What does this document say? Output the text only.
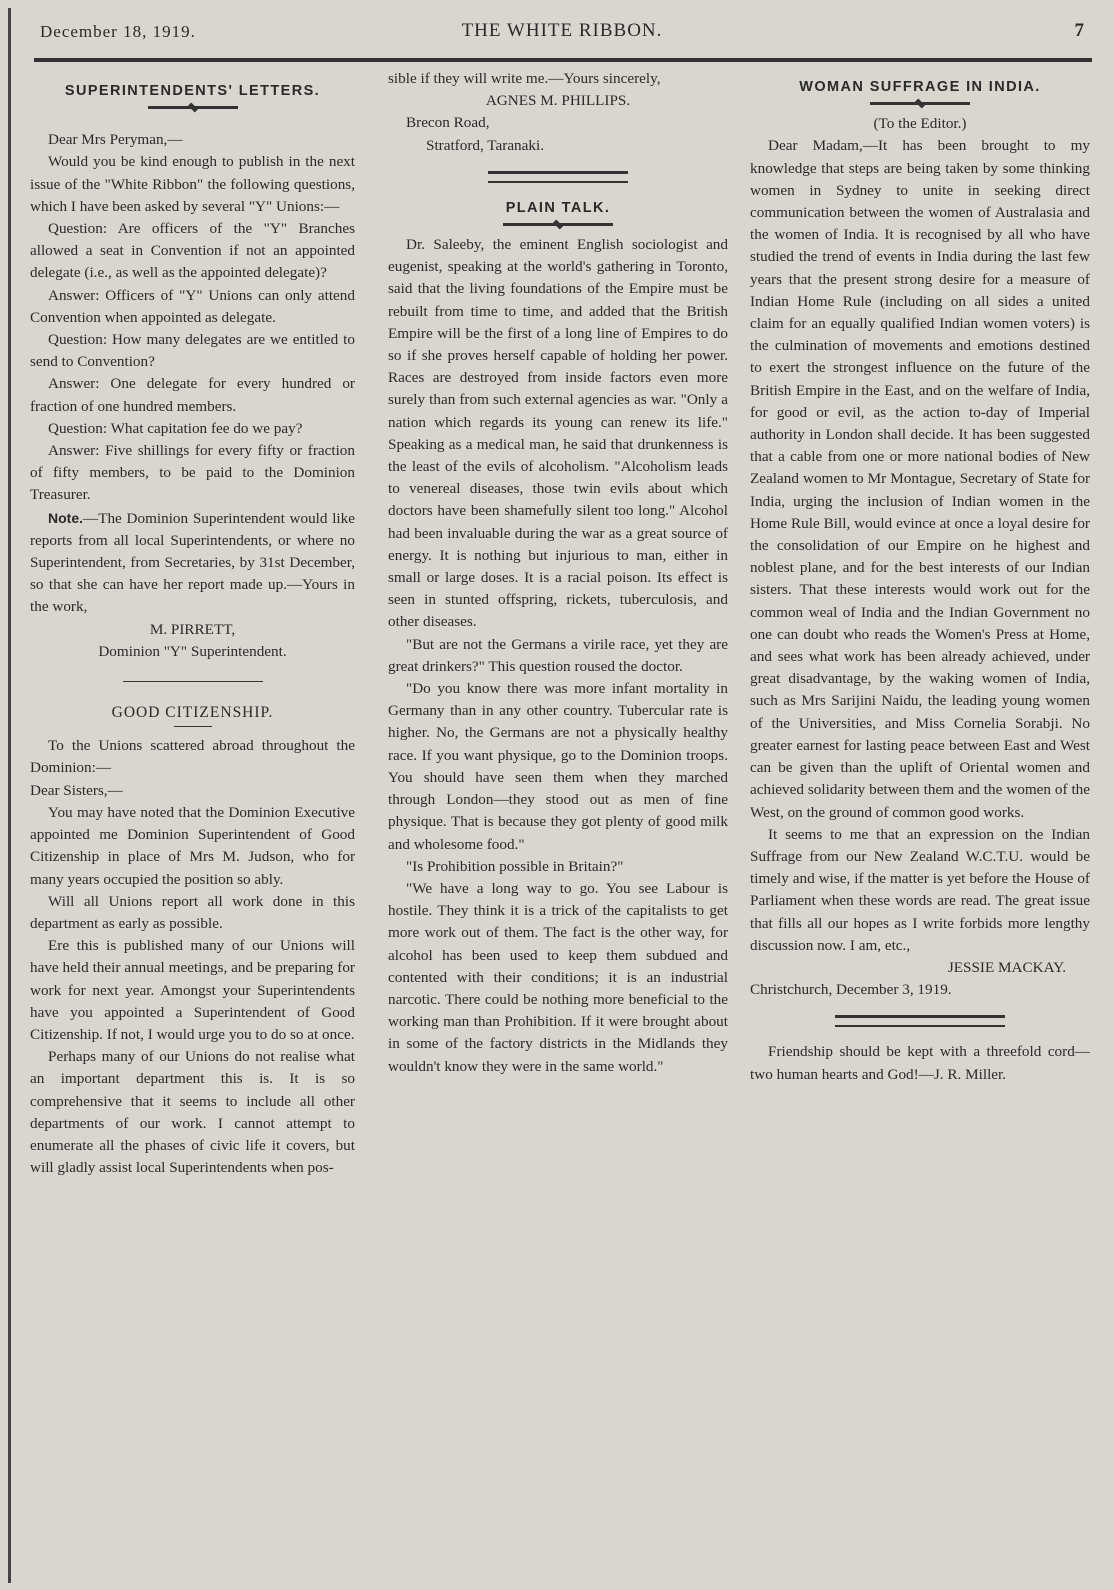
December 18, 1919.	THE WHITE RIBBON.	7

SUPERINTENDENTS' LETTERS.

Dear Mrs Peryman,—

Would you be kind enough to publish in the next issue of the "White Ribbon" the following questions, which I have been asked by several "Y" Unions:—

Question: Are officers of the "Y" Branches allowed a seat in Convention if not an appointed delegate (i.e., as well as the appointed delegate)?

Answer: Officers of "Y" Unions can only attend Convention when appointed as delegate.

Question: How many delegates are we entitled to send to Convention?

Answer: One delegate for every hundred or fraction of one hundred members.

Question: What capitation fee do we pay?

Answer: Five shillings for every fifty or fraction of fifty members, to be paid to the Dominion Treasurer.

Note.—The Dominion Superintendent would like reports from all local Superintendents, or where no Superintendent, from Secretaries, by 31st December, so that she can have her report made up.—Yours in the work,

M. PIRRETT,

Dominion "Y" Superintendent.

GOOD CITIZENSHIP.

To the Unions scattered abroad throughout the Dominion:—

Dear Sisters,—

You may have noted that the Dominion Executive appointed me Dominion Superintendent of Good Citizenship in place of Mrs M. Judson, who for many years occupied the position so ably.

Will all Unions report all work done in this department as early as possible.

Ere this is published many of our Unions will have held their annual meetings, and be preparing for work for next year. Amongst your Superintendents have you appointed a Superintendent of Good Citizenship. If not, I would urge you to do so at once.

Perhaps many of our Unions do not realise what an important department this is. It is so comprehensive that it seems to include all other departments of our work. I cannot attempt to enumerate all the phases of civic life it covers, but will gladly assist local Superintendents when pos-

sible if they will write me.—Yours sincerely,

AGNES M. PHILLIPS.

Brecon Road,

Stratford, Taranaki.

PLAIN TALK.

Dr. Saleeby, the eminent English sociologist and eugenist, speaking at the world's gathering in Toronto, said that the living foundations of the Empire must be rebuilt from time to time, and added that the British Empire will be the first of a long line of Empires to do so if she proves herself capable of holding her power. Races are destroyed from inside factors even more surely than from such external agencies as war. "Only a nation which regards its young can renew its life." Speaking as a medical man, he said that drunkenness is the least of the evils of alcoholism. "Alcoholism leads to venereal diseases, those twin evils about which doctors have been shamefully silent too long." Alcohol had been invaluable during the war as a great source of energy. It is nothing but injurious to man, either in small or large doses. It is a racial poison. Its effect is seen in stunted offspring, rickets, tuberculosis, and other diseases.

"But are not the Germans a virile race, yet they are great drinkers?" This question roused the doctor.

"Do you know there was more infant mortality in Germany than in any other country. Tubercular rate is higher. No, the Germans are not a physically healthy race. If you want physique, go to the Dominion troops. You should have seen them when they marched through London—they stood out as men of fine physique. That is because they got plenty of good milk and wholesome food."

"Is Prohibition possible in Britain?"

"We have a long way to go. You see Labour is hostile. They think it is a trick of the capitalists to get more work out of them. The fact is the other way, for alcohol has been used to keep them subdued and contented with their conditions; it is an industrial narcotic. There could be nothing more beneficial to the working man than Prohibition. If it were brought about in some of the factory districts in the Midlands they wouldn't know they were in the same world."

WOMAN SUFFRAGE IN INDIA.

(To the Editor.)

Dear Madam,—It has been brought to my knowledge that steps are being taken by some thinking women in Sydney to unite in seeking direct communication between the women of Australasia and the women of India. It is recognised by all who have studied the trend of events in India during the last few years that the present strong desire for a measure of Indian Home Rule (including on all sides a united claim for an equally qualified Indian women voters) is the culmination of movements and emotions destined to exert the strongest influence on the future of the British Empire in the East, and on the welfare of India, for good or evil, as the action to-day of Imperial authority in London shall decide. It has been suggested that a cable from one or more national bodies of New Zealand women to Mr Montague, Secretary of State for India, urging the inclusion of Indian women in the Home Rule Bill, would evince at once a loyal desire for the consolidation of our Empire on he highest and noblest plane, and for the best interests of our Indian sisters. That these interests would work out for the common weal of India and the Indian Government no one can doubt who reads the Women's Press at Home, and sees what work has been already achieved, under great disadvantage, by the waking women of India, such as Mrs Sarijini Naidu, the leading young women of the Universities, and Miss Cornelia Sorabji. No greater earnest for lasting peace between East and West can be given than the uplift of Oriental women and achieved solidarity between them and the women of the West, on the ground of common good works.

It seems to me that an expression on the Indian Suffrage from our New Zealand W.C.T.U. would be timely and wise, if the matter is yet before the House of Parliament when these words are read. The great issue that fills all our hopes as I write forbids more lengthy discussion now. I am, etc.,

JESSIE MACKAY.

Christchurch, December 3, 1919.

Friendship should be kept with a threefold cord—two human hearts and God!—J. R. Miller.
